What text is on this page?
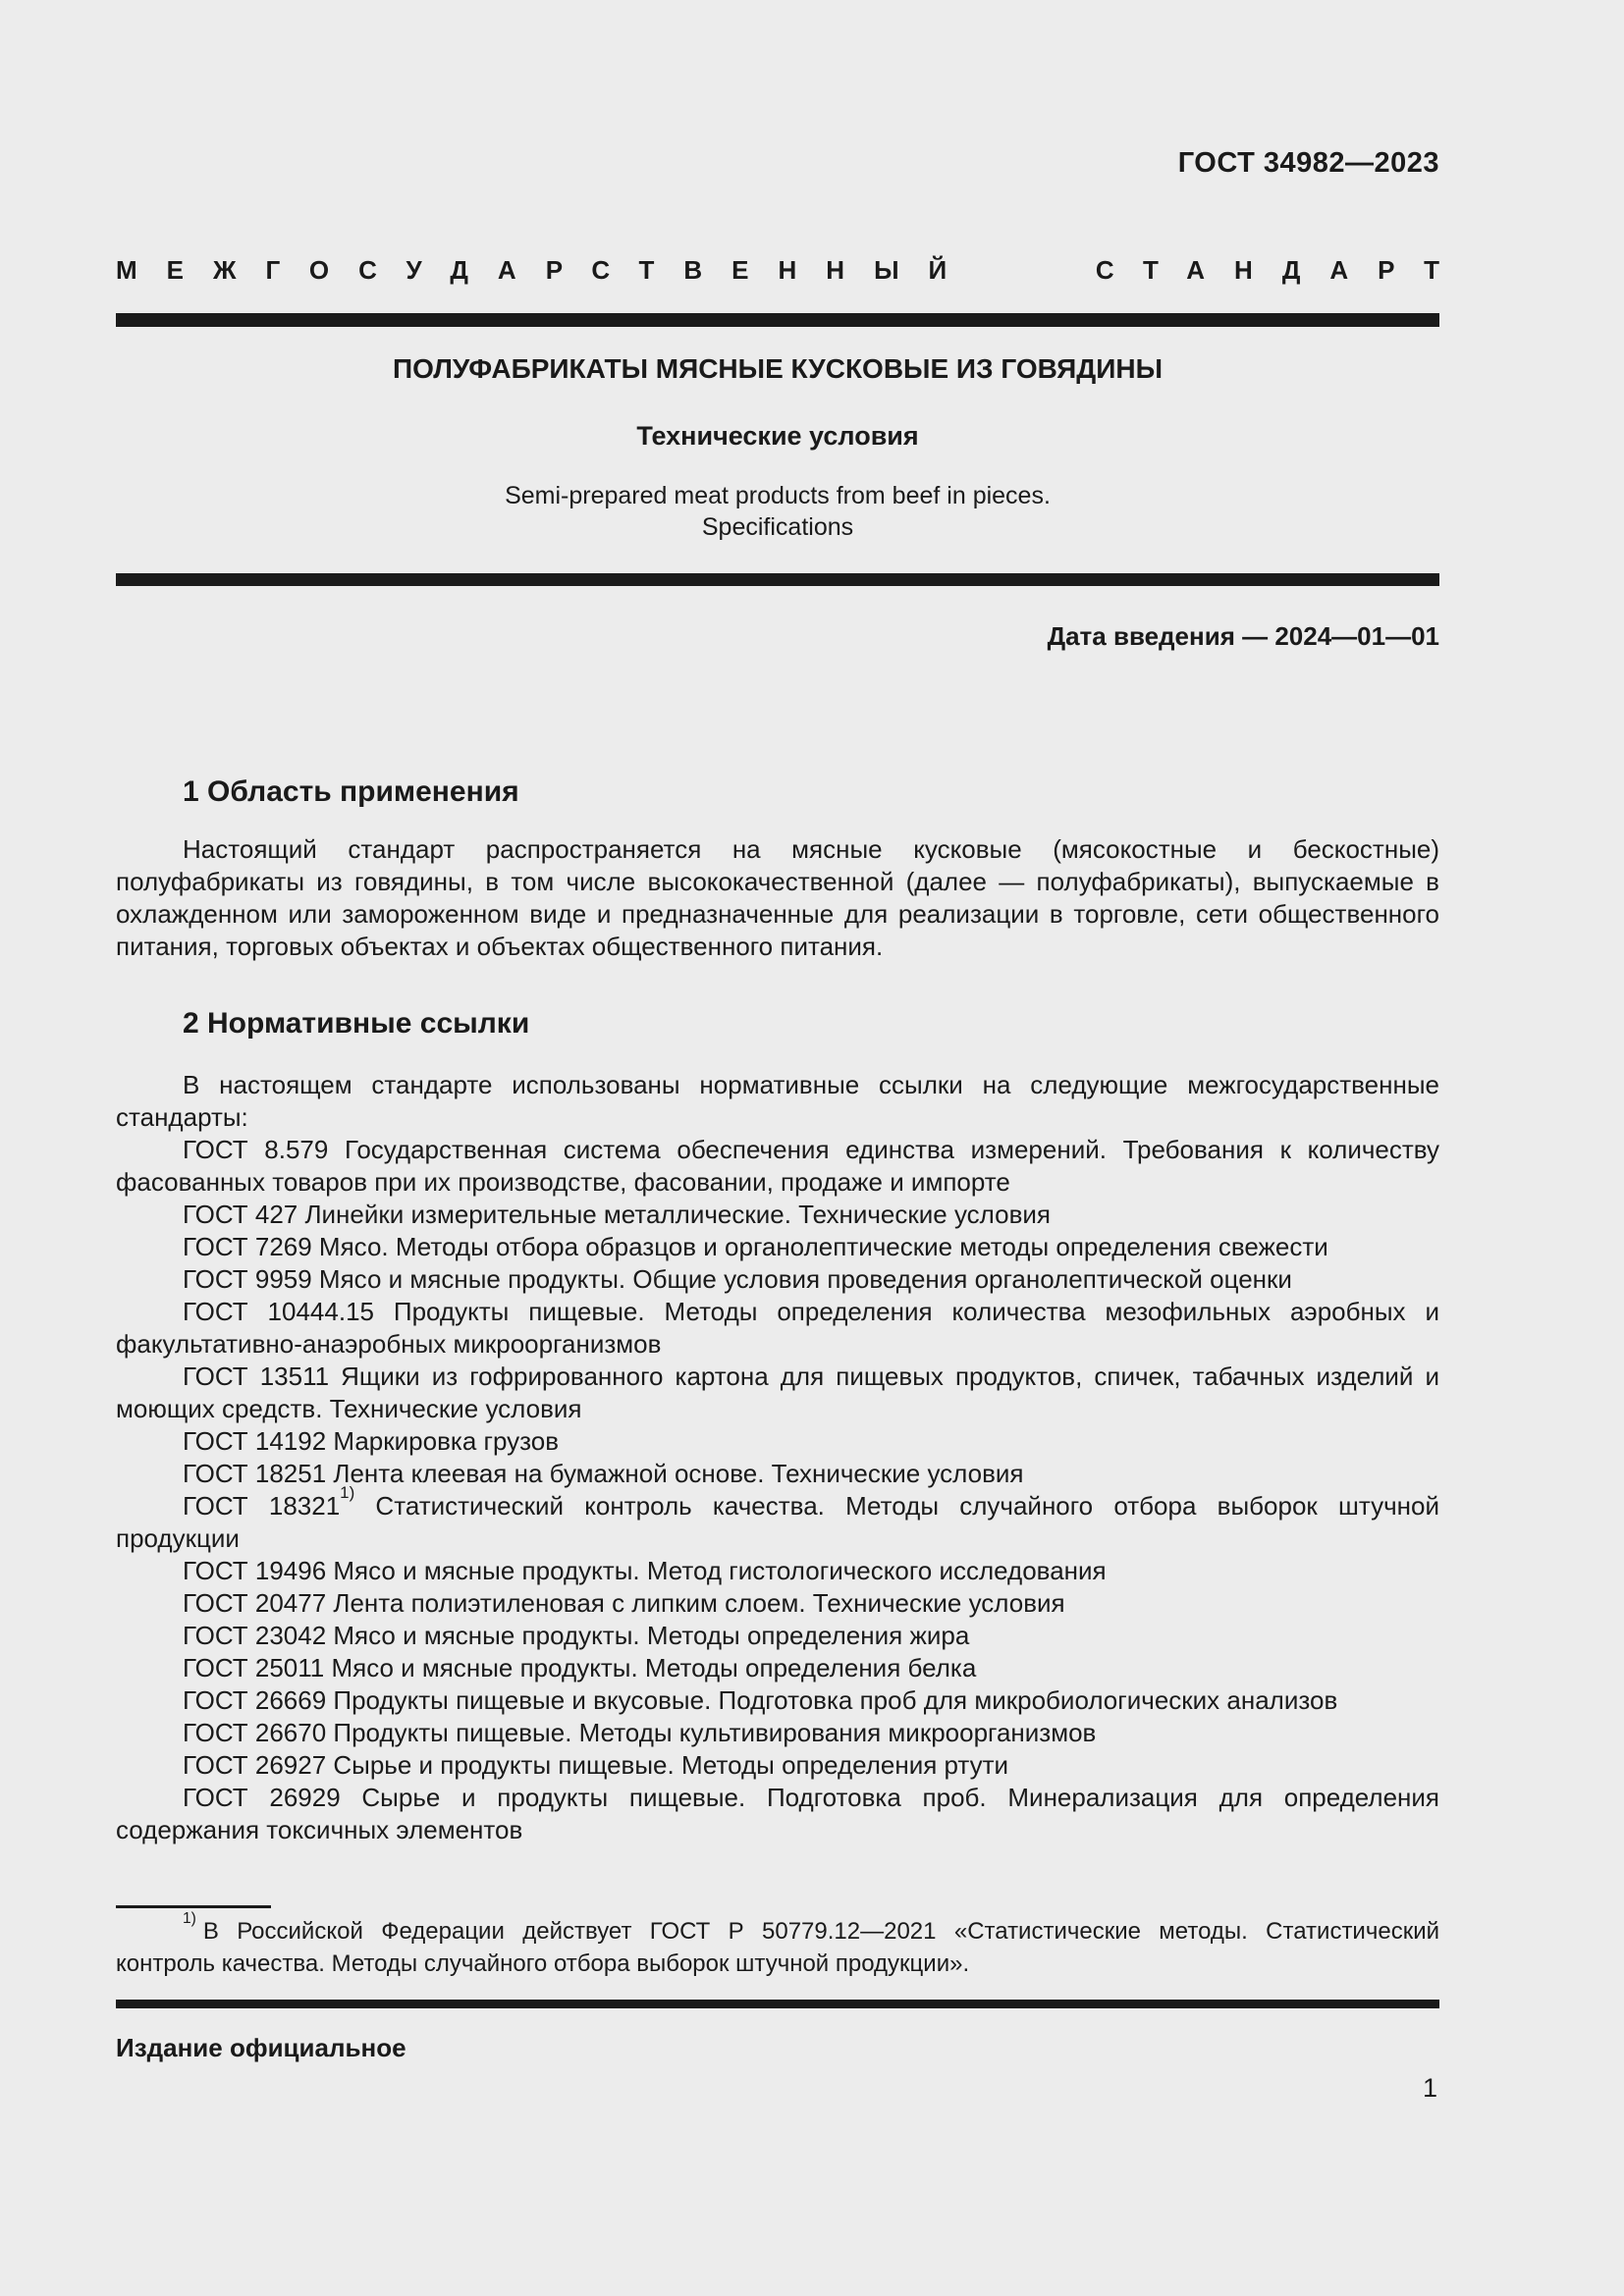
ГОСТ 34982—2023
МЕЖГОСУДАРСТВЕННЫЙ	СТАНДАРТ
ПОЛУФАБРИКАТЫ МЯСНЫЕ КУСКОВЫЕ ИЗ ГОВЯДИНЫ
Технические условия
Semi-prepared meat products from beef in pieces.
Specifications
Дата введения — 2024—01—01
1 Область применения

Настоящий стандарт распространяется на мясные кусковые (мясокостные и бескостные) полуфабрикаты из говядины, в том числе высококачественной (далее — полуфабрикаты), выпускаемые в охлажденном или замороженном виде и предназначенные для реализации в торговле, сети общественного питания, торговых объектах и объектах общественного питания.

2 Нормативные ссылки

В настоящем стандарте использованы нормативные ссылки на следующие межгосударственные стандарты:

ГОСТ 8.579 Государственная система обеспечения единства измерений. Требования к количеству фасованных товаров при их производстве, фасовании, продаже и импорте

ГОСТ 427 Линейки измерительные металлические. Технические условия

ГОСТ 7269 Мясо. Методы отбора образцов и органолептические методы определения свежести

ГОСТ 9959 Мясо и мясные продукты. Общие условия проведения органолептической оценки

ГОСТ 10444.15 Продукты пищевые. Методы определения количества мезофильных аэробных и факультативно-анаэробных микроорганизмов

ГОСТ 13511 Ящики из гофрированного картона для пищевых продуктов, спичек, табачных изделий и моющих средств. Технические условия

ГОСТ 14192 Маркировка грузов

ГОСТ 18251 Лента клеевая на бумажной основе. Технические условия

ГОСТ 18321$^{1)}$ Статистический контроль качества. Методы случайного отбора выборок штучной продукции

ГОСТ 19496 Мясо и мясные продукты. Метод гистологического исследования

ГОСТ 20477 Лента полиэтиленовая с липким слоем. Технические условия

ГОСТ 23042 Мясо и мясные продукты. Методы определения жира

ГОСТ 25011 Мясо и мясные продукты. Методы определения белка

ГОСТ 26669 Продукты пищевые и вкусовые. Подготовка проб для микробиологических анализов

ГОСТ 26670 Продукты пищевые. Методы культивирования микроорганизмов

ГОСТ 26927 Сырье и продукты пищевые. Методы определения ртути

ГОСТ 26929 Сырье и продукты пищевые. Подготовка проб. Минерализация для определения содержания токсичных элементов

$^{1)}$ В Российской Федерации действует ГОСТ Р 50779.12—2021 «Статистические методы. Статистический контроль качества. Методы случайного отбора выборок штучной продукции».

Издание официальное
1
